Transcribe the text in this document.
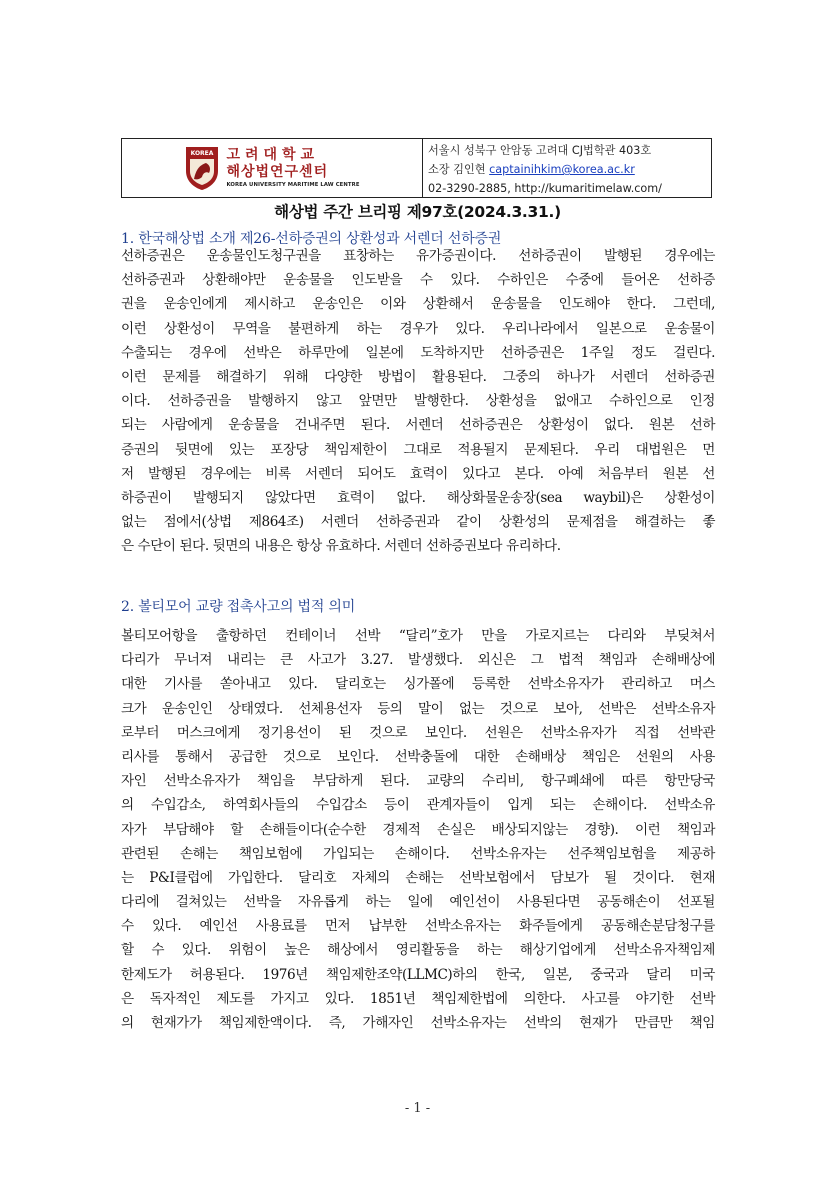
KOREA 고려대학교
해상법연구센터
KOREA UNIVERSITY MARITIME LAW CENTRE
서울시 성북구 안암동 고려대 CJ법학관 403호
소장 김인현 captainihkim@korea.ac.kr
02-3290-2885, http://kumaritimelaw.com/
해상법 주간 브리핑 제97호(2024.3.31.)
1. 한국해상법 소개 제26-선하증권의 상환성과 서렌더 선하증권
선하증권은 운송물인도청구권을 표창하는 유가증권이다. 선하증권이 발행된 경우에는
선하증권과 상환해야만 운송물을 인도받을 수 있다. 수하인은 수중에 들어온 선하증
권을 운송인에게 제시하고 운송인은 이와 상환해서 운송물을 인도해야 한다. 그런데,
이런 상환성이 무역을 불편하게 하는 경우가 있다. 우리나라에서 일본으로 운송물이
수출되는 경우에 선박은 하루만에 일본에 도착하지만 선하증권은 1주일 정도 걸린다.
이런 문제를 해결하기 위해 다양한 방법이 활용된다. 그중의 하나가 서렌더 선하증권
이다. 선하증권을 발행하지 않고 앞면만 발행한다. 상환성을 없애고 수하인으로 인정
되는 사람에게 운송물을 건내주면 된다. 서렌더 선하증권은 상환성이 없다. 원본 선하
증권의 뒷면에 있는 포장당 책임제한이 그대로 적용될지 문제된다. 우리 대법원은 먼
저 발행된 경우에는 비록 서렌더 되어도 효력이 있다고 본다. 아예 처음부터 원본 선
하증권이 발행되지 않았다면 효력이 없다. 해상화물운송장(sea waybil)은 상환성이
없는 점에서(상법 제864조) 서렌더 선하증권과 같이 상환성의 문제점을 해결하는 좋
은 수단이 된다. 뒷면의 내용은 항상 유효하다. 서렌더 선하증권보다 유리하다.
2. 볼티모어 교량 접촉사고의 법적 의미
볼티모어항을 출항하던 컨테이너 선박 “달리”호가 만을 가로지르는 다리와 부딪쳐서
다리가 무너져 내리는 큰 사고가 3.27. 발생했다. 외신은 그 법적 책임과 손해배상에
대한 기사를 쏟아내고 있다. 달리호는 싱가폴에 등록한 선박소유자가 관리하고 머스
크가 운송인인 상태였다. 선체용선자 등의 말이 없는 것으로 보아, 선박은 선박소유자
로부터 머스크에게 정기용선이 된 것으로 보인다. 선원은 선박소유자가 직접 선박관
리사를 통해서 공급한 것으로 보인다. 선박충돌에 대한 손해배상 책임은 선원의 사용
자인 선박소유자가 책임을 부담하게 된다. 교량의 수리비, 항구폐쇄에 따른 항만당국
의 수입감소, 하역회사들의 수입감소 등이 관계자들이 입게 되는 손해이다. 선박소유
자가 부담해야 할 손해들이다(순수한 경제적 손실은 배상되지않는 경향). 이런 책임과
관련된 손해는 책임보험에 가입되는 손해이다. 선박소유자는 선주책임보험을 제공하
는 P&I클럽에 가입한다. 달리호 자체의 손해는 선박보험에서 담보가 될 것이다. 현재
다리에 걸쳐있는 선박을 자유롭게 하는 일에 예인선이 사용된다면 공동해손이 선포될
수 있다. 예인선 사용료를 먼저 납부한 선박소유자는 화주들에게 공동해손분담청구를
할 수 있다. 위험이 높은 해상에서 영리활동을 하는 해상기업에게 선박소유자책임제
한제도가 허용된다. 1976년 책임제한조약(LLMC)하의 한국, 일본, 중국과 달리 미국
은 독자적인 제도를 가지고 있다. 1851년 책임제한법에 의한다. 사고를 야기한 선박
의 현재가가 책임제한액이다. 즉, 가해자인 선박소유자는 선박의 현재가 만큼만 책임
- 1 -
